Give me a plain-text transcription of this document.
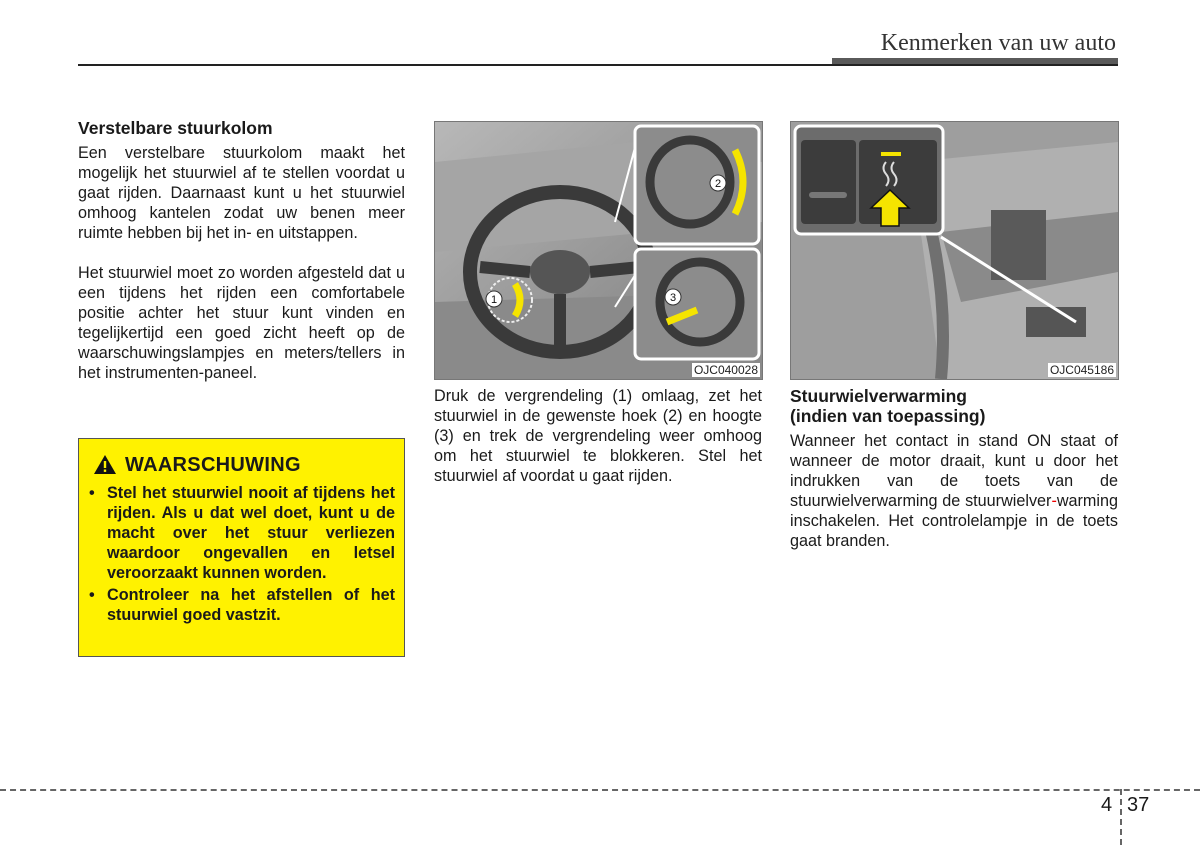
Kenmerken van uw auto
Verstelbare stuurkolom

Een verstelbare stuurkolom maakt het mogelijk het stuurwiel af te stellen voordat u gaat rijden. Daarnaast kunt u het stuurwiel omhoog kantelen zodat uw benen meer ruimte hebben bij het in- en uitstappen.

Het stuurwiel moet zo worden afgesteld dat u een tijdens het rijden een comfortabele positie achter het stuur kunt vinden en tegelijkertijd een goed zicht heeft op de waarschuwingslampjes en meters/tellers in het instrumenten-paneel.

WAARSCHUWING
• Stel het stuurwiel nooit af tijdens het rijden. Als u dat wel doet, kunt u de macht over het stuur verliezen waardoor ongevallen en letsel veroorzaakt kunnen worden.
• Controleer na het afstellen of het stuurwiel goed vastzit.
1
2
3
OJC040028

Druk de vergrendeling (1) omlaag, zet het stuurwiel in de gewenste hoek (2) en hoogte (3) en trek de vergrendeling weer omhoog om het stuurwiel te blokkeren. Stel het stuurwiel af voordat u gaat rijden.

OJC045186
Stuurwielverwarming
(indien van toepassing)

Wanneer het contact in stand ON staat of wanneer de motor draait, kunt u door het indrukken van de toets van de stuurwielverwarming de stuurwielver-warming inschakelen. Het controlelampje in de toets gaat branden.

4 37
